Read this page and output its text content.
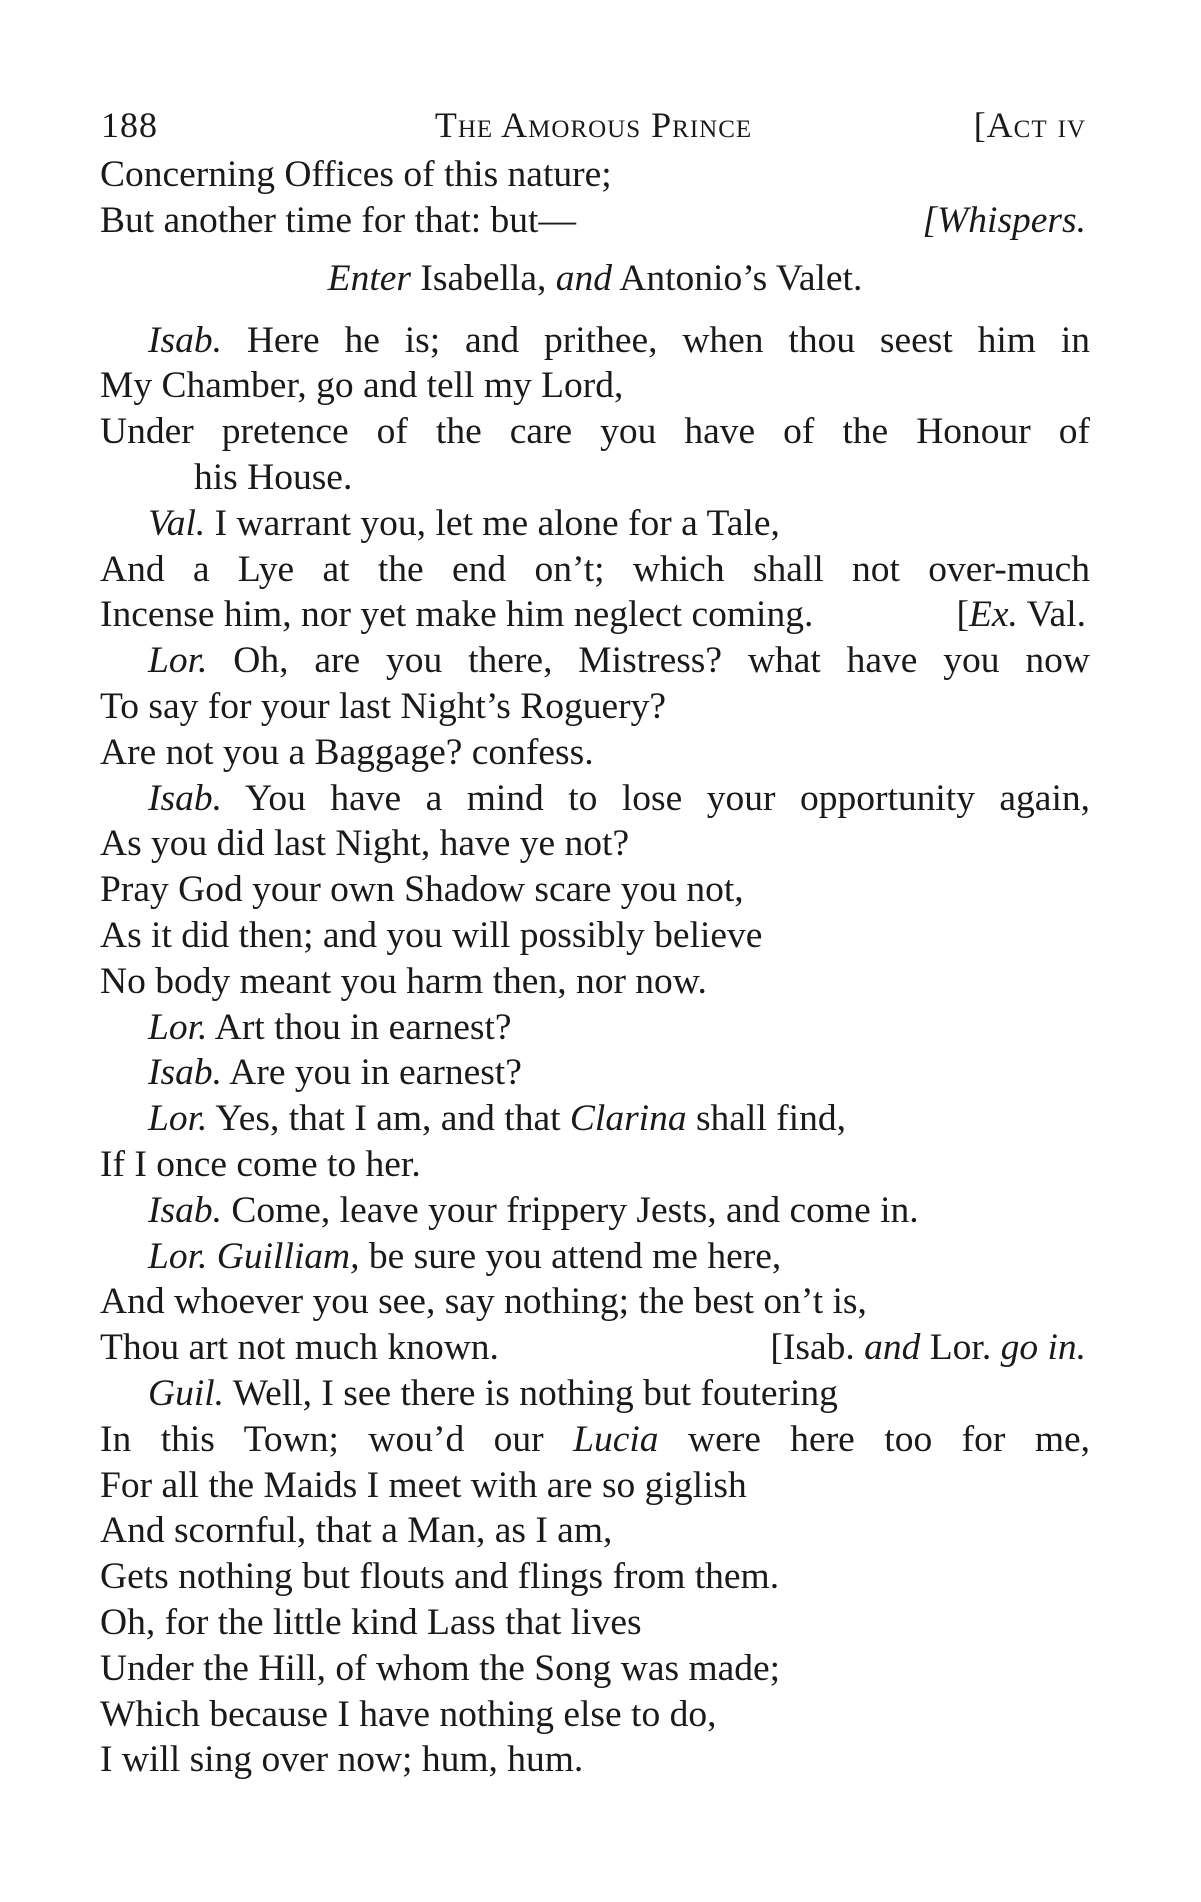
188	The Amorous Prince	[Act iv
Concerning Offices of this nature;
But another time for that: but—	[Whispers.
Enter Isabella, and Antonio’s Valet.
Isab. Here he is; and prithee, when thou seest him in
My Chamber, go and tell my Lord,
Under pretence of the care you have of the Honour of
his House.
Val. I warrant you, let me alone for a Tale,
And a Lye at the end on’t; which shall not over-much
Incense him, nor yet make him neglect coming.	[Ex. Val.
Lor. Oh, are you there, Mistress? what have you now
To say for your last Night’s Roguery?
Are not you a Baggage? confess.
Isab. You have a mind to lose your opportunity again,
As you did last Night, have ye not?
Pray God your own Shadow scare you not,
As it did then; and you will possibly believe
No body meant you harm then, nor now.
Lor. Art thou in earnest?
Isab. Are you in earnest?
Lor. Yes, that I am, and that Clarina shall find,
If I once come to her.
Isab. Come, leave your frippery Jests, and come in.
Lor. Guilliam, be sure you attend me here,
And whoever you see, say nothing; the best on’t is,
Thou art not much known.	[Isab. and Lor. go in.
Guil. Well, I see there is nothing but foutering
In this Town; wou’d our Lucia were here too for me,
For all the Maids I meet with are so giglish
And scornful, that a Man, as I am,
Gets nothing but flouts and flings from them.
Oh, for the little kind Lass that lives
Under the Hill, of whom the Song was made;
Which because I have nothing else to do,
I will sing over now; hum, hum.
